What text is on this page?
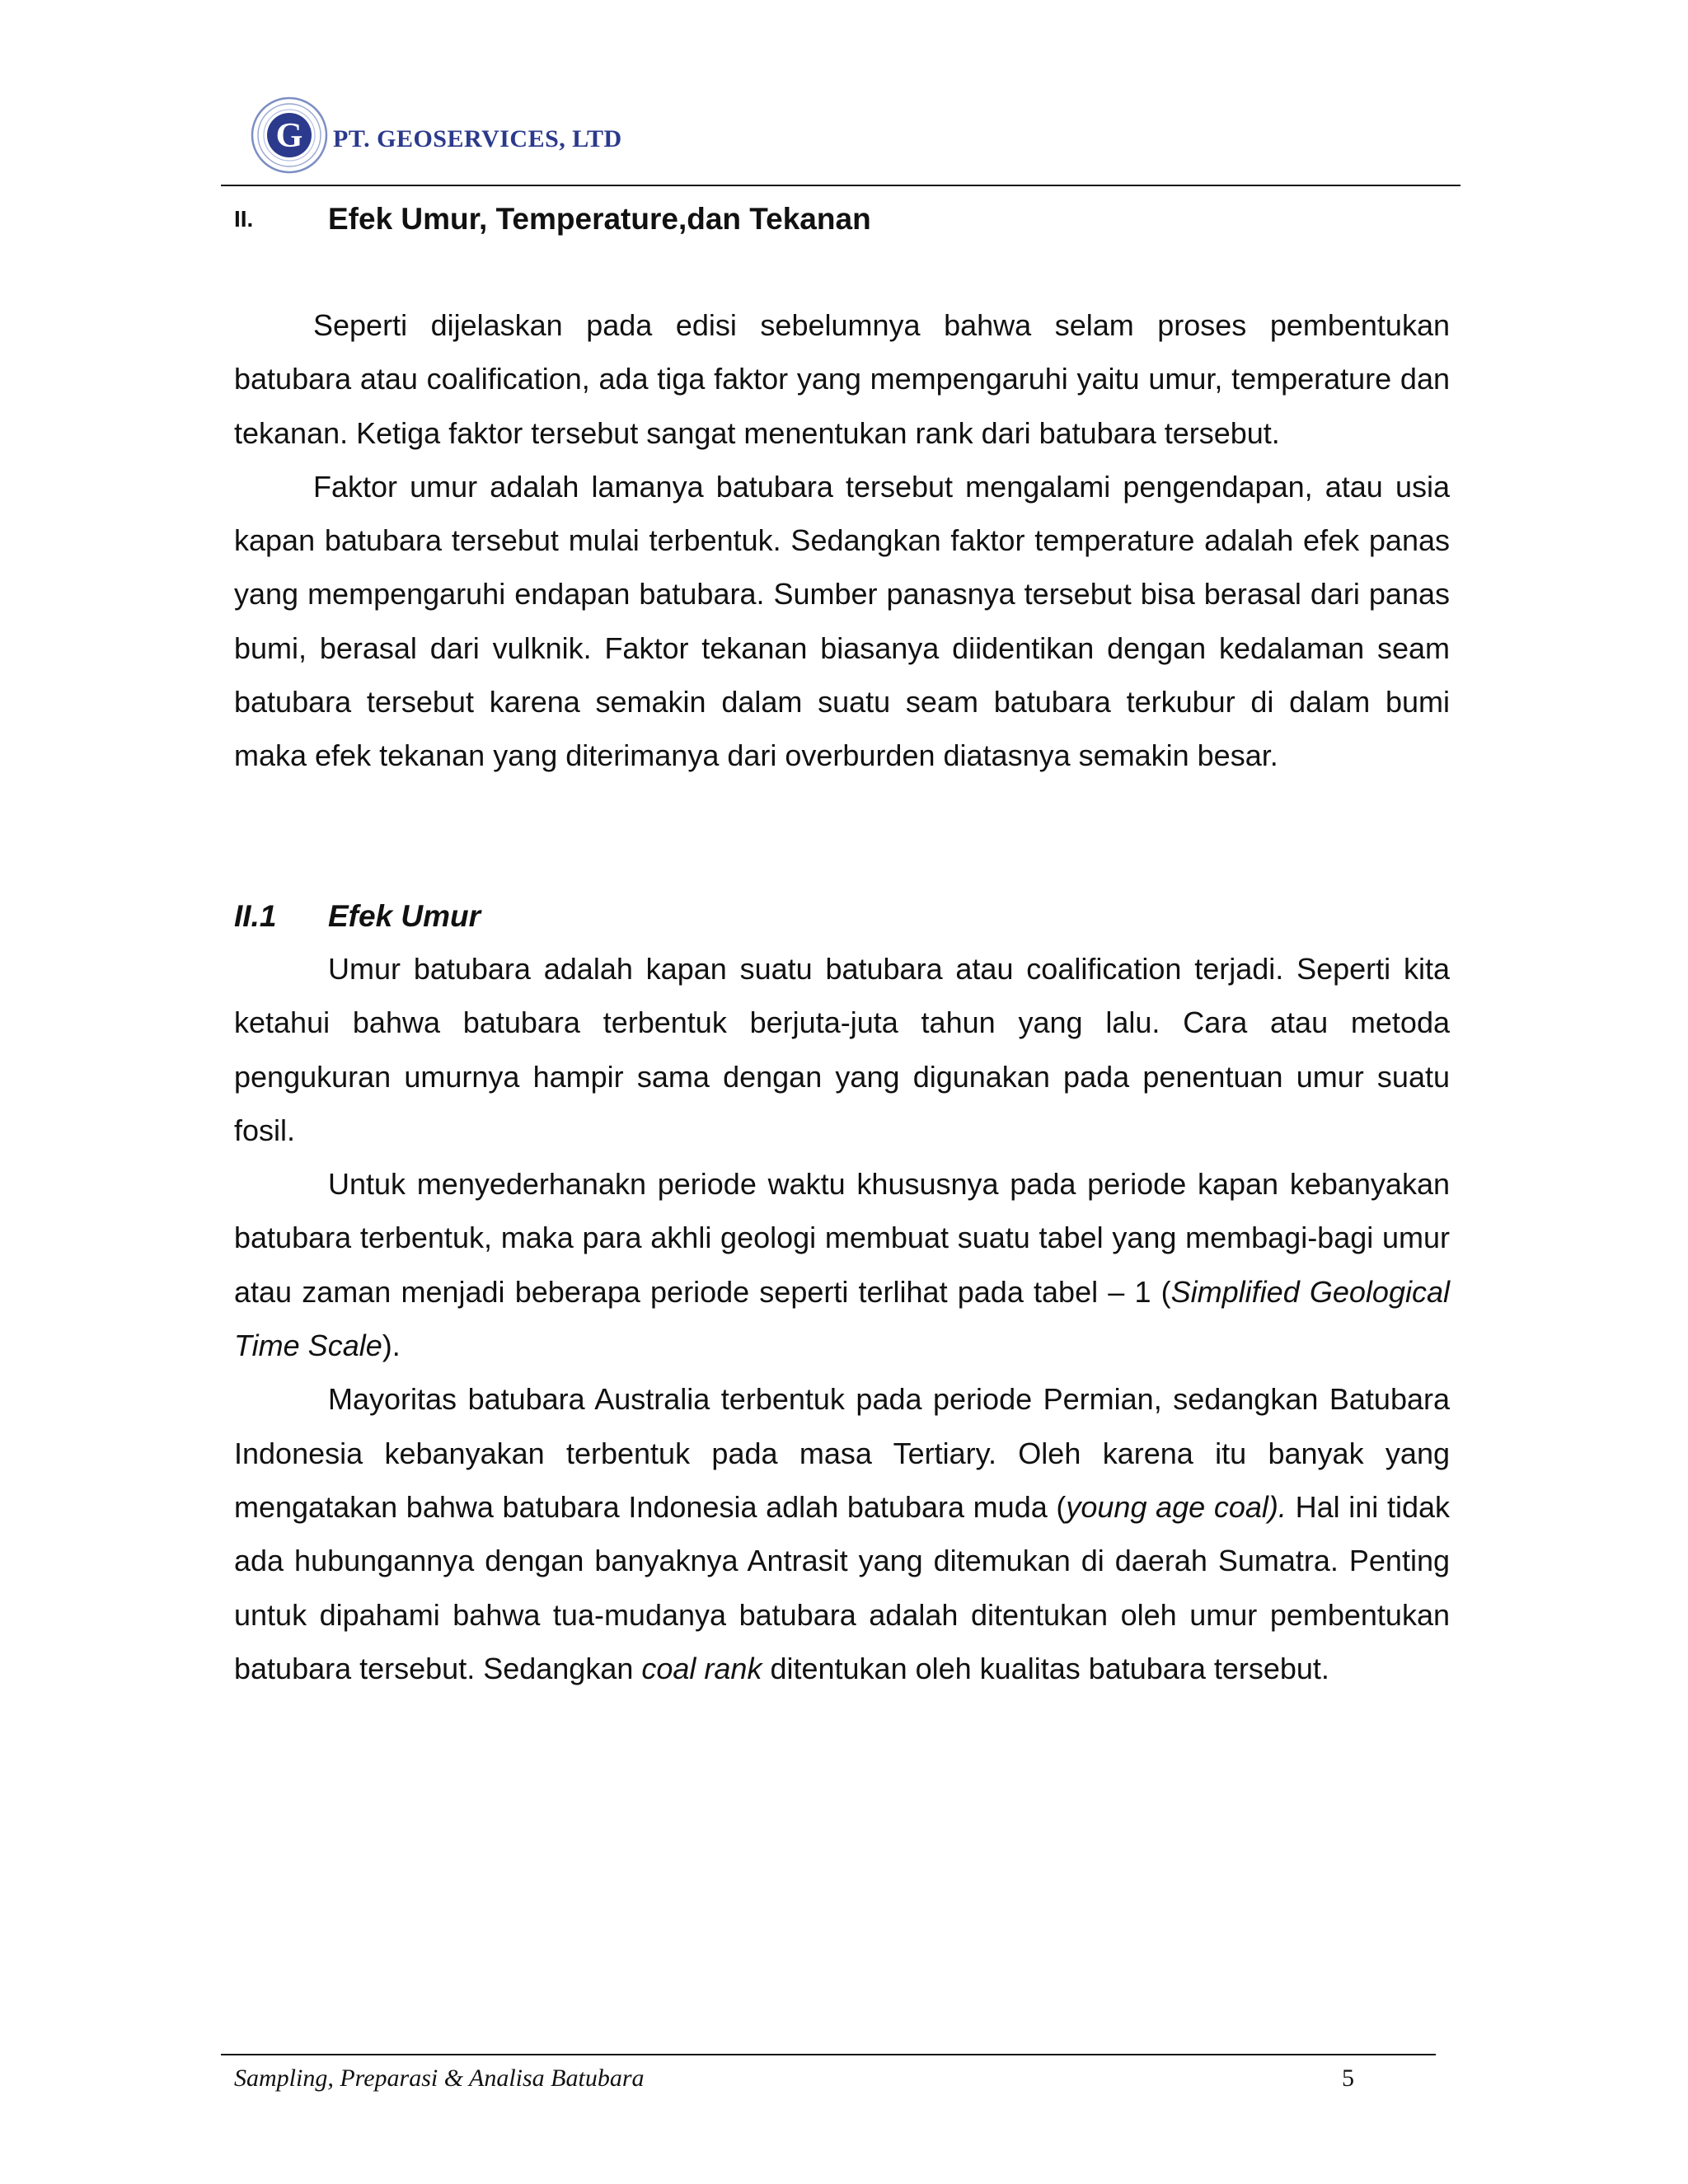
G PT. GEOSERVICES, LTD
II. Efek Umur, Temperature,dan Tekanan

Seperti dijelaskan pada edisi sebelumnya bahwa selam proses pembentukan batubara atau coalification, ada tiga faktor yang mempengaruhi yaitu umur, temperature dan tekanan. Ketiga faktor tersebut sangat menentukan rank dari batubara tersebut.

Faktor umur adalah lamanya batubara tersebut mengalami pengendapan, atau usia kapan batubara tersebut mulai terbentuk. Sedangkan faktor temperature adalah efek panas yang mempengaruhi endapan batubara. Sumber panasnya tersebut bisa berasal dari panas bumi, berasal dari vulknik. Faktor tekanan biasanya diidentikan dengan kedalaman seam batubara tersebut karena semakin dalam suatu seam batubara terkubur di dalam bumi maka efek tekanan yang diterimanya dari overburden diatasnya semakin besar.

II.1 Efek Umur

Umur batubara adalah kapan suatu batubara atau coalification terjadi. Seperti kita ketahui bahwa batubara terbentuk berjuta-juta tahun yang lalu. Cara atau metoda pengukuran umurnya hampir sama dengan yang digunakan pada penentuan umur suatu fosil.

Untuk menyederhanakn periode waktu khususnya pada periode kapan kebanyakan batubara terbentuk, maka para akhli geologi membuat suatu tabel yang membagi-bagi umur atau zaman menjadi beberapa periode seperti terlihat pada tabel – 1 (Simplified Geological Time Scale).

Mayoritas batubara Australia terbentuk pada periode Permian, sedangkan Batubara Indonesia kebanyakan terbentuk pada masa Tertiary. Oleh karena itu banyak yang mengatakan bahwa batubara Indonesia adlah batubara muda (young age coal). Hal ini tidak ada hubungannya dengan banyaknya Antrasit yang ditemukan di daerah Sumatra. Penting untuk dipahami bahwa tua-mudanya batubara adalah ditentukan oleh umur pembentukan batubara tersebut. Sedangkan coal rank ditentukan oleh kualitas batubara tersebut.

Sampling, Preparasi & Analisa Batubara	5
